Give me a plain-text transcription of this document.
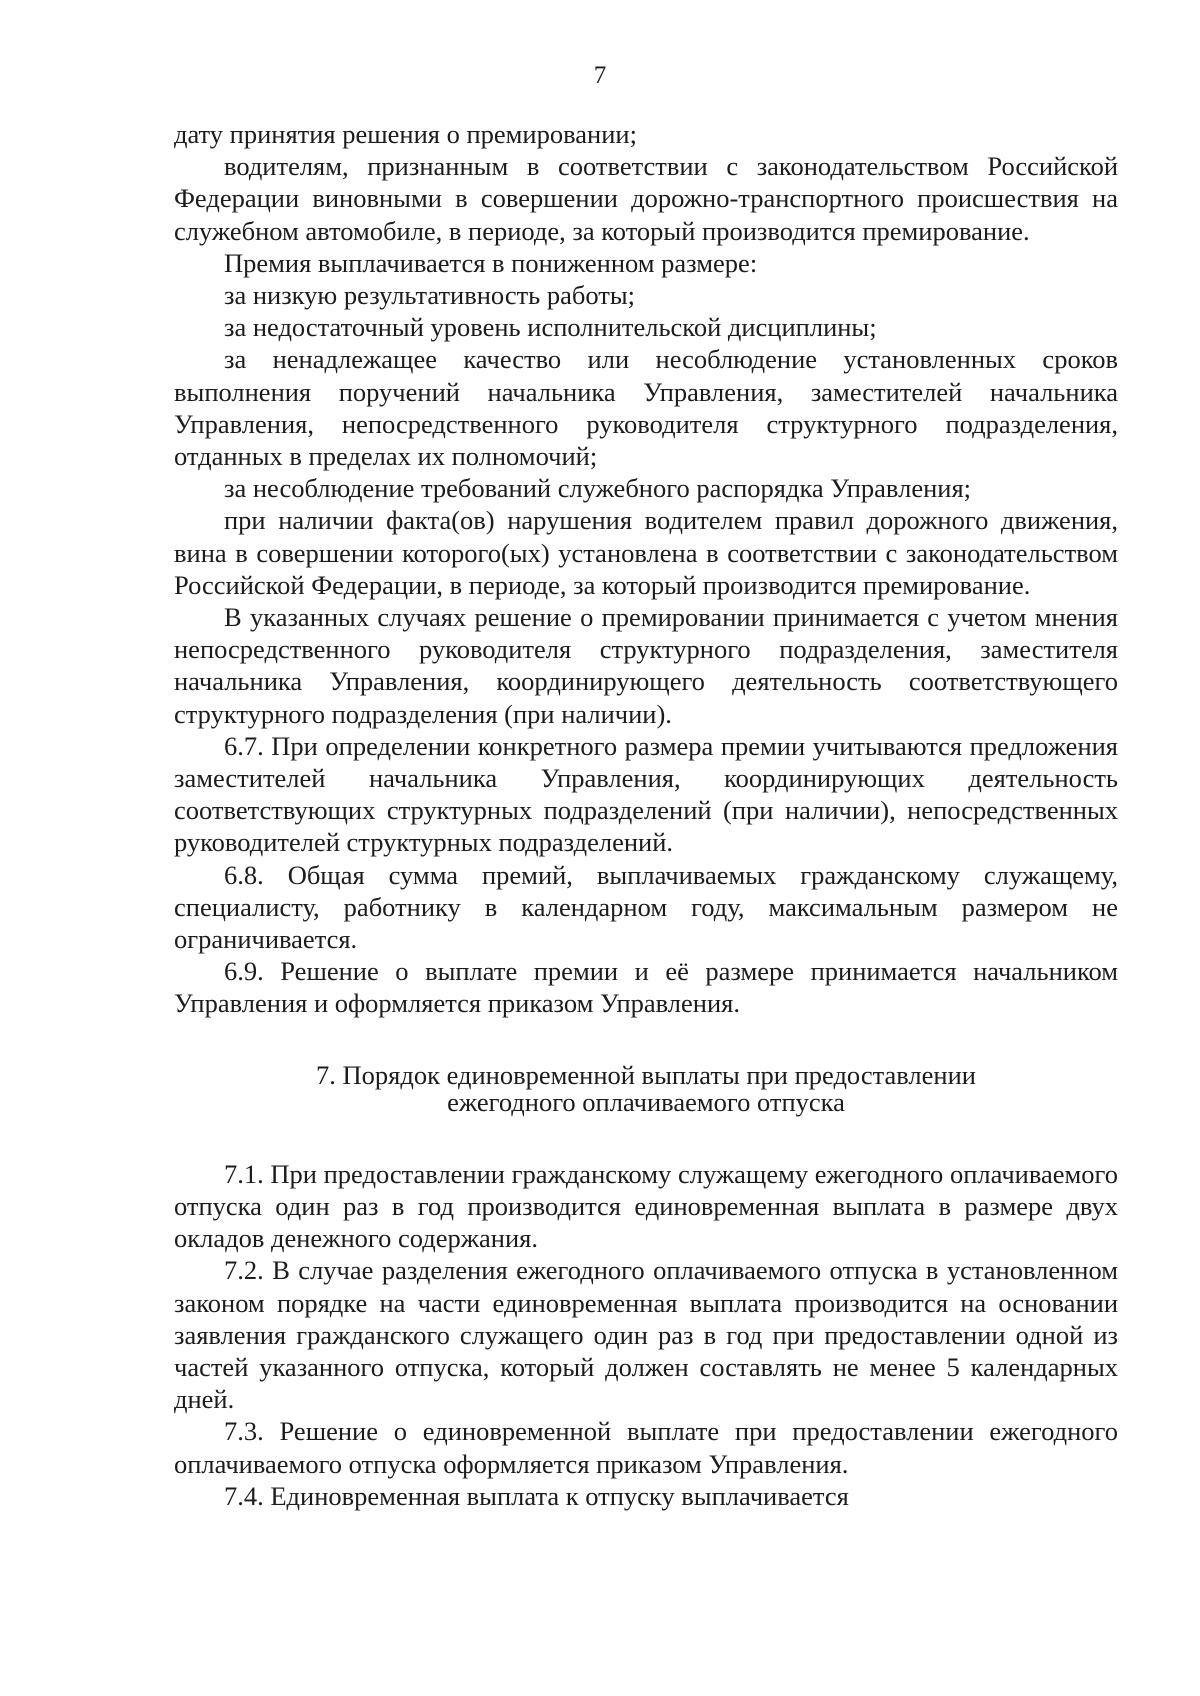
7

дату принятия решения о премировании;

водителям, признанным в соответствии с законодательством Российской Федерации виновными в совершении дорожно-транспортного происшествия на служебном автомобиле, в периоде, за который производится премирование.

Премия выплачивается в пониженном размере:

за низкую результативность работы;

за недостаточный уровень исполнительской дисциплины;

за ненадлежащее качество или несоблюдение установленных сроков выполнения поручений начальника Управления, заместителей начальника Управления, непосредственного руководителя структурного подразделения, отданных в пределах их полномочий;

за несоблюдение требований служебного распорядка Управления;

при наличии факта(ов) нарушения водителем правил дорожного движения, вина в совершении которого(ых) установлена в соответствии с законодательством Российской Федерации, в периоде, за который производится премирование.

В указанных случаях решение о премировании принимается с учетом мнения непосредственного руководителя структурного подразделения, заместителя начальника Управления, координирующего деятельность соответствующего структурного подразделения (при наличии).

6.7. При определении конкретного размера премии учитываются предложения заместителей начальника Управления, координирующих деятельность соответствующих структурных подразделений (при наличии), непосредственных руководителей структурных подразделений.

6.8. Общая сумма премий, выплачиваемых гражданскому служащему, специалисту, работнику в календарном году, максимальным размером не ограничивается.

6.9. Решение о выплате премии и её размере принимается начальником Управления и оформляется приказом Управления.

7. Порядок единовременной выплаты при предоставлении
ежегодного оплачиваемого отпуска

7.1. При предоставлении гражданскому служащему ежегодного оплачиваемого отпуска один раз в год производится единовременная выплата в размере двух окладов денежного содержания.

7.2. В случае разделения ежегодного оплачиваемого отпуска в установленном законом порядке на части единовременная выплата производится на основании заявления гражданского служащего один раз в год при предоставлении одной из частей указанного отпуска, который должен составлять не менее 5 календарных дней.

7.3. Решение о единовременной выплате при предоставлении ежегодного оплачиваемого отпуска оформляется приказом Управления.

7.4. Единовременная выплата к отпуску выплачивается
